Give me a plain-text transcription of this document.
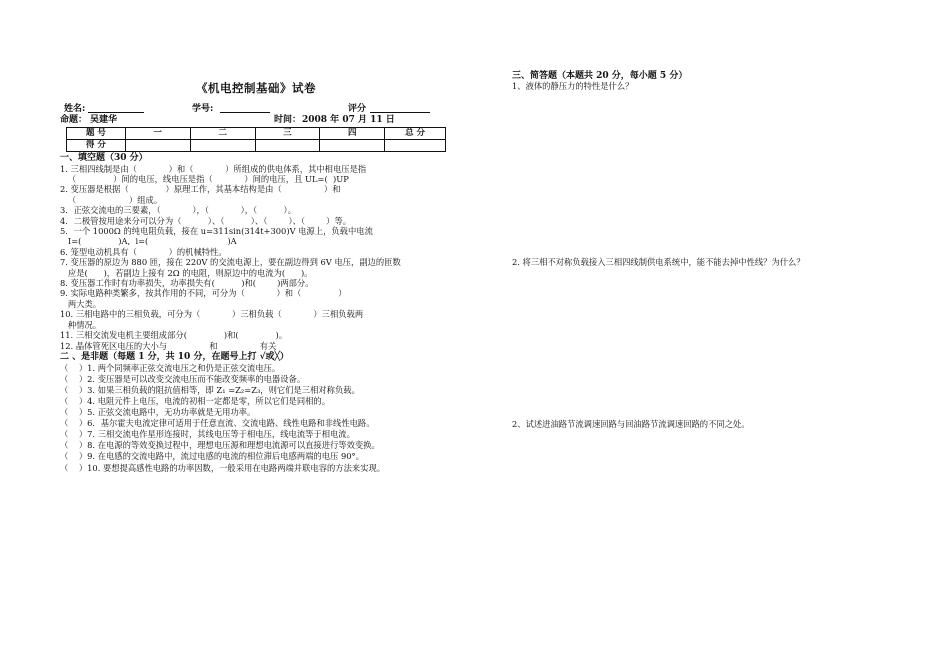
《机电控制基础》试卷
姓名:	学号:	评分
命题： 吴建华	时间： 2008 年 07 月 11 日
题 号	一	二	三	四	总 分
得 分					
一、填空题（30 分）
1. 三相四线制是由（            ）和（            ）所组成的供电体系，其中相电压是指
（              ）间的电压，线电压是指（            ）间的电压，且 UL=(  )UP
2. 变压器是根据（              ）原理工作，其基本结构是由（                ）和
（                    ）组成。
3．正弦交流电的三要素，（            ），（            ），（          ）。
4．二极管按用途来分可以分为（          ）、（          ）、（        ）、（        ）等。
5．一个 1000Ω 的纯电阻负载，接在 u=311sin(314t+300)V 电源上，负载中电流
I=(              )A,  i=(                              )A
6. 笼型电动机具有（            ）的机械特性。
7. 变压器的原边为 880 匝，接在 220V 的交流电源上，要在副边得到 6V 电压，副边的匝数
应是(      )，若副边上接有 2Ω 的电阻，则原边中的电流为(      )。
8. 变压器工作时有功率损失，功率损失有(          )和(        )两部分。
9. 实际电路种类繁多，按其作用的不同，可分为（            ）和（              ）
两大类。
10. 三相电路中的三相负载，可分为（            ）三相负载（            ）三相负载两
种情况。
11. 三相交流发电机主要组成部分(              )和(              )。
12. 晶体管死区电压的大小与                和                有关
二 、是非题（每题 1 分，共 10 分，在题号上打 √或╳）
（    ）1. 两个同频率正弦交流电压之和仍是正弦交流电压。
（    ）2. 变压器是可以改变交流电压而不能改变频率的电器设备。
（    ）3. 如果三相负载的阻抗值相等，即 Z₁ =Z₂=Z₃，则它们是三相对称负载。
（    ）4. 电阻元件上电压，电流的初相一定都是零，所以它们是同相的。
（    ）5. 正弦交流电路中，无功功率就是无用功率。
（    ）6．基尔霍夫电流定律可适用于任意直流、交流电路、线性电路和非线性电路。
（    ）7. 三相交流电作星形连接时，其线电压等于相电压，线电流等于相电流。
（    ）8. 在电源的等效变换过程中，理想电压源和理想电流源可以直接进行等效变换。
（    ）9. 在电感的交流电路中，流过电感的电流的相位滞后电感两端的电压 90°。
（    ）10. 要想提高感性电路的功率因数，一般采用在电路两端并联电容的方法来实现。
三、简答题（本题共 20 分，每小题 5 分）
1、液体的静压力的特性是什么？
2. 将三相不对称负载接入三相四线制供电系统中，能不能去掉中性线？为什么？
2、试述进油路节流调速回路与回油路节流调速回路的不同之处。
